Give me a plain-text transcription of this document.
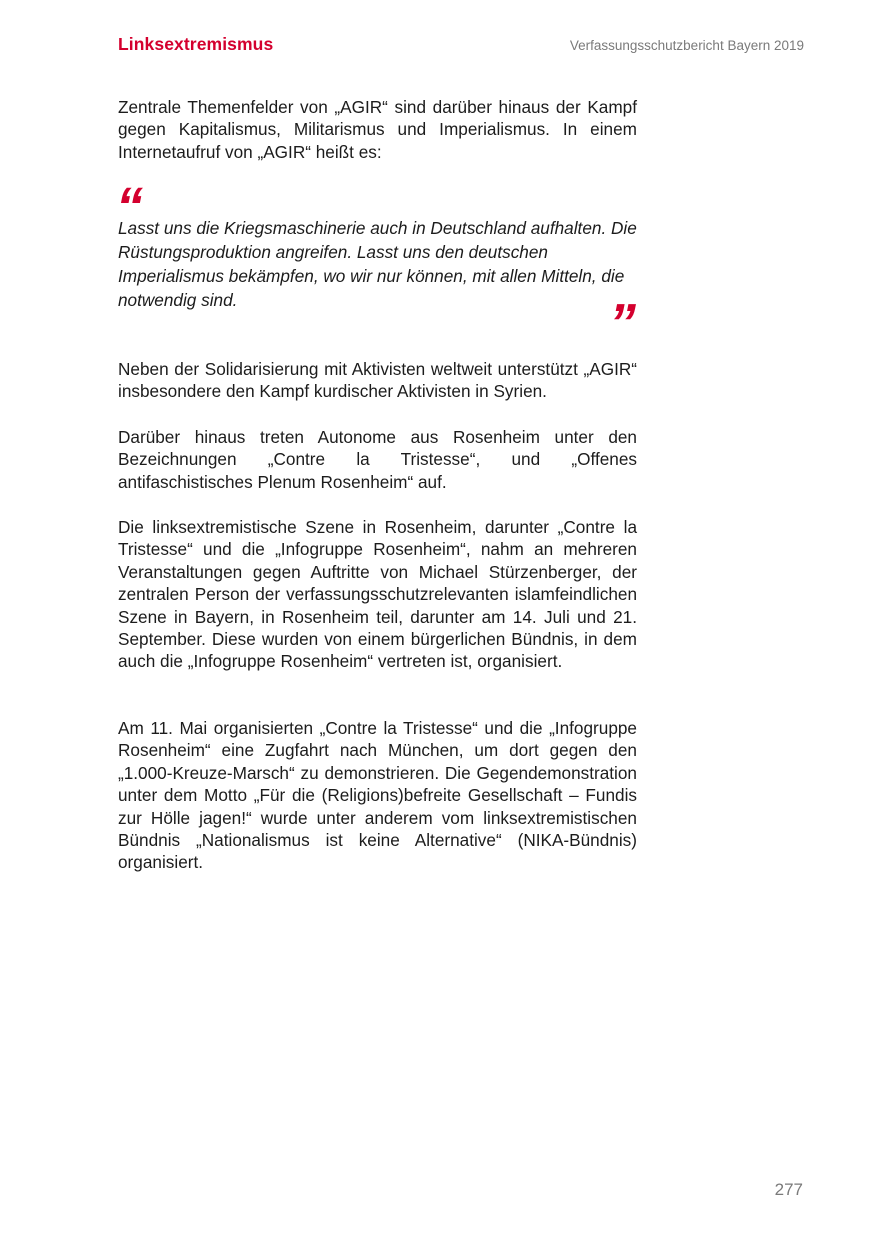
Linksextremismus	Verfassungsschutzbericht Bayern 2019

Zentrale Themenfelder von „AGIR“ sind darüber hinaus der Kampf gegen Kapitalismus, Militarismus und Imperialismus. In einem Internetaufruf von „AGIR“ heißt es:

“

Lasst uns die Kriegsmaschinerie auch in Deutschland aufhalten. Die Rüstungsproduktion angreifen. Lasst uns den deutschen Imperialismus bekämpfen, wo wir nur können, mit allen Mitteln, die notwendig sind.	”

Neben der Solidarisierung mit Aktivisten weltweit unterstützt „AGIR“ insbesondere den Kampf kurdischer Aktivisten in Syrien.

Darüber hinaus treten Autonome aus Rosenheim unter den Bezeichnungen „Contre la Tristesse“, und „Offenes antifaschistisches Plenum Rosenheim“ auf.

Die linksextremistische Szene in Rosenheim, darunter „Contre la Tristesse“ und die „Infogruppe Rosenheim“, nahm an mehreren Veranstaltungen gegen Auftritte von Michael Stürzenberger, der zentralen Person der verfassungsschutzrelevanten islamfeindlichen Szene in Bayern, in Rosenheim teil, darunter am 14. Juli und 21. September. Diese wurden von einem bürgerlichen Bündnis, in dem auch die „Infogruppe Rosenheim“ vertreten ist, organisiert.

Am 11. Mai organisierten „Contre la Tristesse“ und die „Infogruppe Rosenheim“ eine Zugfahrt nach München, um dort gegen den „1.000-Kreuze-Marsch“ zu demonstrieren. Die Gegendemonstration unter dem Motto „Für die (Religions)befreite Gesellschaft – Fundis zur Hölle jagen!“ wurde unter anderem vom linksextremistischen Bündnis „Nationalismus ist keine Alternative“ (NIKA-Bündnis) organisiert.

277
